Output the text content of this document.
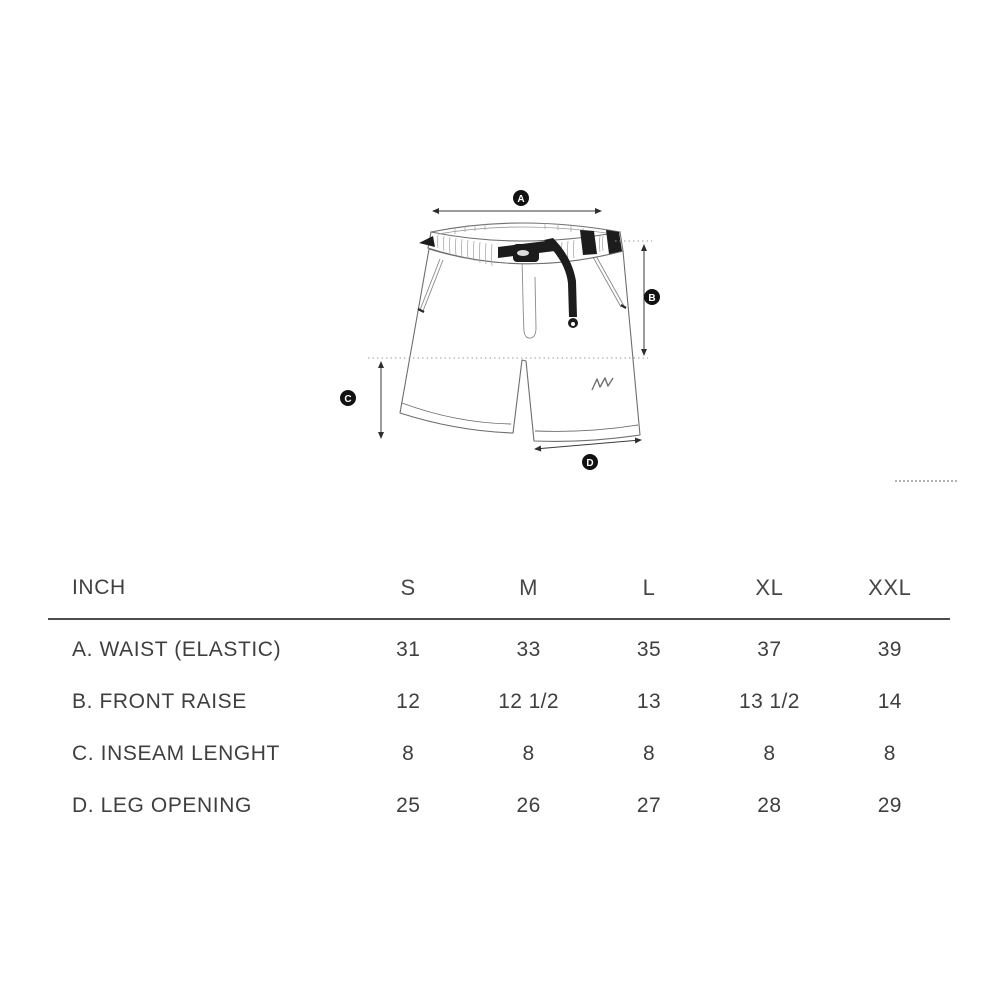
A
B
C
D
INCH	S	M	L	XL	XXL
A. WAIST (ELASTIC)	31	33	35	37	39
B. FRONT RAISE	12	12 1/2	13	13 1/2	14
C. INSEAM LENGHT	8	8	8	8	8
D. LEG OPENING	25	26	27	28	29
